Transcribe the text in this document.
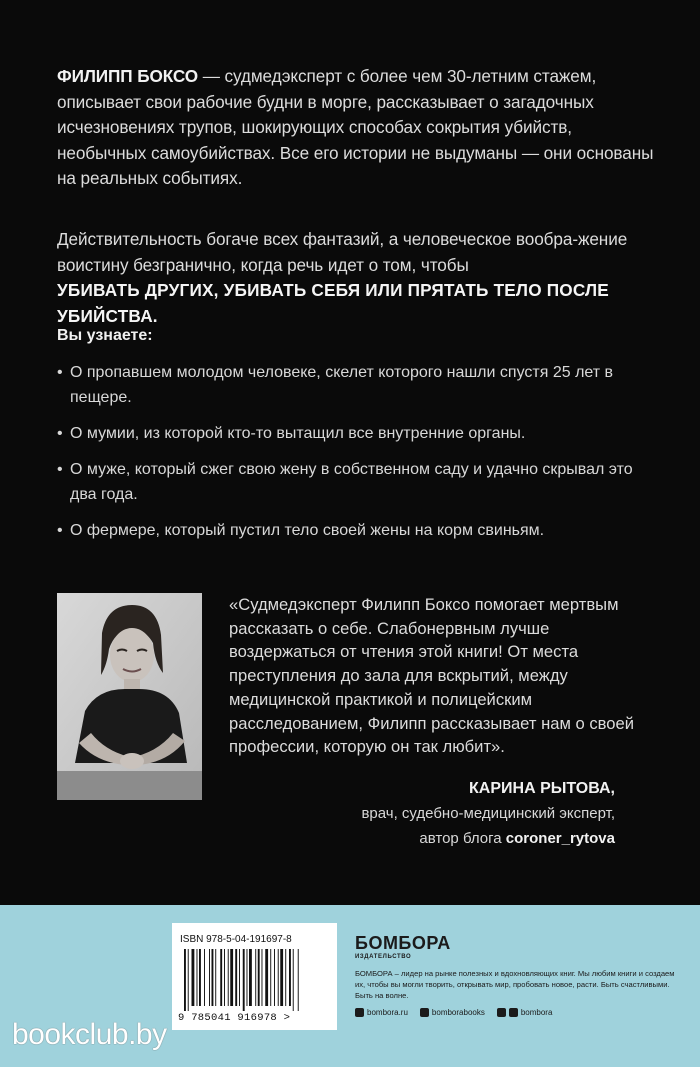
ФИЛИПП БОКСО — судмедэксперт с более чем 30-летним стажем, описывает свои рабочие будни в морге, рассказывает о загадочных исчезновениях трупов, шокирующих способах сокрытия убийств, необычных самоубийствах. Все его истории не выдуманы — они основаны на реальных событиях.

Действительность богаче всех фантазий, а человеческое вообра-жение воистину безгранично, когда речь идет о том, чтобы
УБИВАТЬ ДРУГИХ, УБИВАТЬ СЕБЯ ИЛИ ПРЯТАТЬ ТЕЛО ПОСЛЕ УБИЙСТВА.

Вы узнаете:
• О пропавшем молодом человеке, скелет которого нашли спустя 25 лет в пещере.
• О мумии, из которой кто-то вытащил все внутренние органы.
• О муже, который сжег свою жену в собственном саду и удачно скрывал это два года.
• О фермере, который пустил тело своей жены на корм свиньям.

«Судмедэксперт Филипп Боксо помогает мертвым рассказать о себе. Слабонервным лучше воздержаться от чтения этой книги! От места преступления до зала для вскрытий, между медицинской практикой и полицейским расследованием, Филипп рассказывает нам о своей профессии, которую он так любит».

КАРИНА РЫТОВА,
врач, судебно-медицинский эксперт,
автор блога coroner_rytova
ISBN 978-5-04-191697-8
9 785041 916978 >
БОМБОРА
ИЗДАТЕЛЬСТВО
БОМБОРА – лидер на рынке полезных и вдохновляющих книг. Мы любим книги и создаем их, чтобы вы могли творить, открывать мир, пробовать новое, расти. Быть счастливыми. Быть на волне.
bombora.ru	bomborabooks	bombora
bookclub.by
